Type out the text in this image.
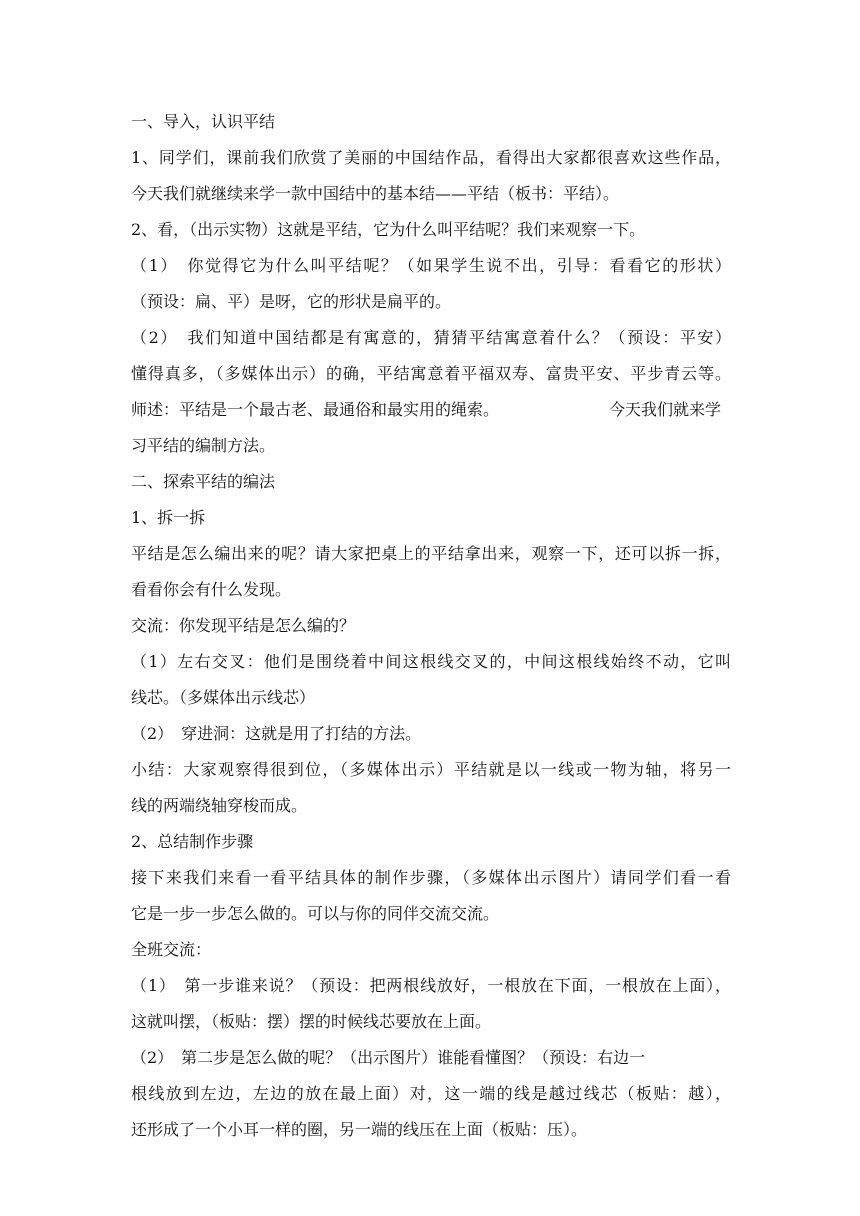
一、导入，认识平结
1、同学们，课前我们欣赏了美丽的中国结作品，看得出大家都很喜欢这些作品，
今天我们就继续来学一款中国结中的基本结——平结（板书：平结）。
2、看，（出示实物）这就是平结，它为什么叫平结呢？我们来观察一下。
（1）　你觉得它为什么叫平结呢？（如果学生说不出，引导：看看它的形状）
（预设：扁、平）是呀，它的形状是扁平的。
（2）　我们知道中国结都是有寓意的，猜猜平结寓意着什么？（预设：平安）
懂得真多，（多媒体出示）的确，平结寓意着平福双寿、富贵平安、平步青云等。
师述：平结是一个最古老、最通俗和最实用的绳索。	今天我们就来学
习平结的编制方法。
二、探索平结的编法
1、拆一拆
平结是怎么编出来的呢？请大家把桌上的平结拿出来，观察一下，还可以拆一拆，
看看你会有什么发现。
交流：你发现平结是怎么编的？
（1）左右交叉：他们是围绕着中间这根线交叉的，中间这根线始终不动，它叫
线芯。（多媒体出示线芯）
（2）　穿进洞：这就是用了打结的方法。
小结：大家观察得很到位，（多媒体出示）平结就是以一线或一物为轴，将另一
线的两端绕轴穿梭而成。
2、总结制作步骤
接下来我们来看一看平结具体的制作步骤，（多媒体出示图片）请同学们看一看
它是一步一步怎么做的。可以与你的同伴交流交流。
全班交流：
（1）　第一步谁来说？（预设：把两根线放好，一根放在下面，一根放在上面），
这就叫摆，（板贴：摆）摆的时候线芯要放在上面。
（2）　第二步是怎么做的呢？（出示图片）谁能看懂图？（预设：右边一
根线放到左边，左边的放在最上面）对，这一端的线是越过线芯（板贴：越），
还形成了一个小耳一样的圈，另一端的线压在上面（板贴：压）。
